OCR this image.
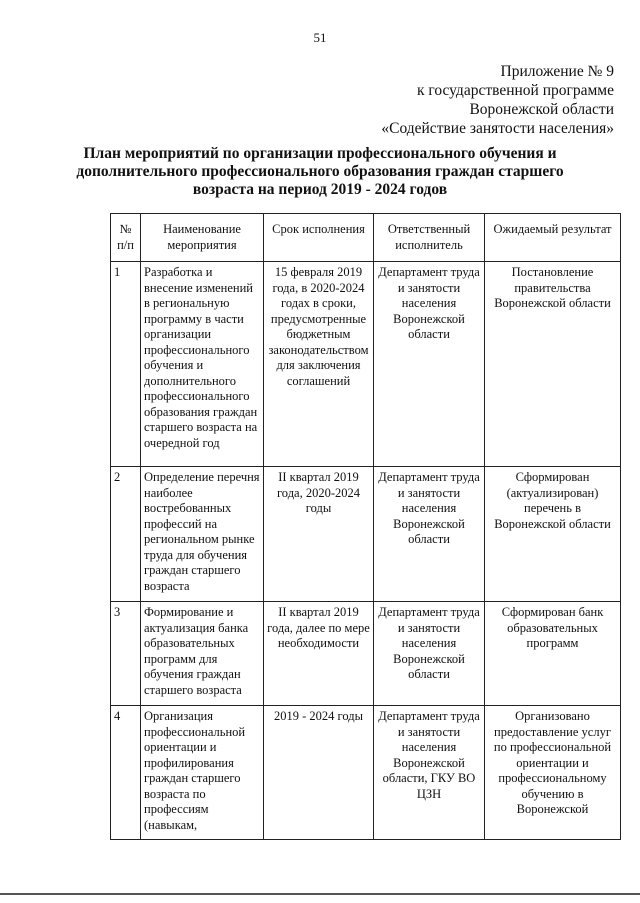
51
Приложение № 9
к государственной программе
Воронежской области
«Содействие занятости населения»
План мероприятий по организации профессионального обучения и
дополнительного профессионального образования граждан старшего
возраста на период 2019 - 2024 годов
№ п/п	Наименование мероприятия	Срок исполнения	Ответственный исполнитель	Ожидаемый результат
1	Разработка и внесение изменений в региональную программу в части организации профессионального обучения и дополнительного профессионального образования граждан старшего возраста на очередной год	15 февраля 2019 года, в 2020-2024 годах в сроки, предусмотренные бюджетным законодательством для заключения соглашений	Департамент труда и занятости населения Воронежской области	Постановление правительства Воронежской области
2	Определение перечня наиболее востребованных профессий на региональном рынке труда для обучения граждан старшего возраста	II квартал 2019 года, 2020-2024 годы	Департамент труда и занятости населения Воронежской области	Сформирован (актуализирован) перечень в Воронежской области
3	Формирование и актуализация банка образовательных программ для обучения граждан старшего возраста	II квартал 2019 года, далее по мере необходимости	Департамент труда и занятости населения Воронежской области	Сформирован банк образовательных программ
4	Организация профессиональной ориентации и профилирования граждан старшего возраста по профессиям (навыкам,	2019 - 2024 годы	Департамент труда и занятости населения Воронежской области, ГКУ ВО ЦЗН	Организовано предоставление услуг по профессиональной ориентации и профессиональному обучению в Воронежской
